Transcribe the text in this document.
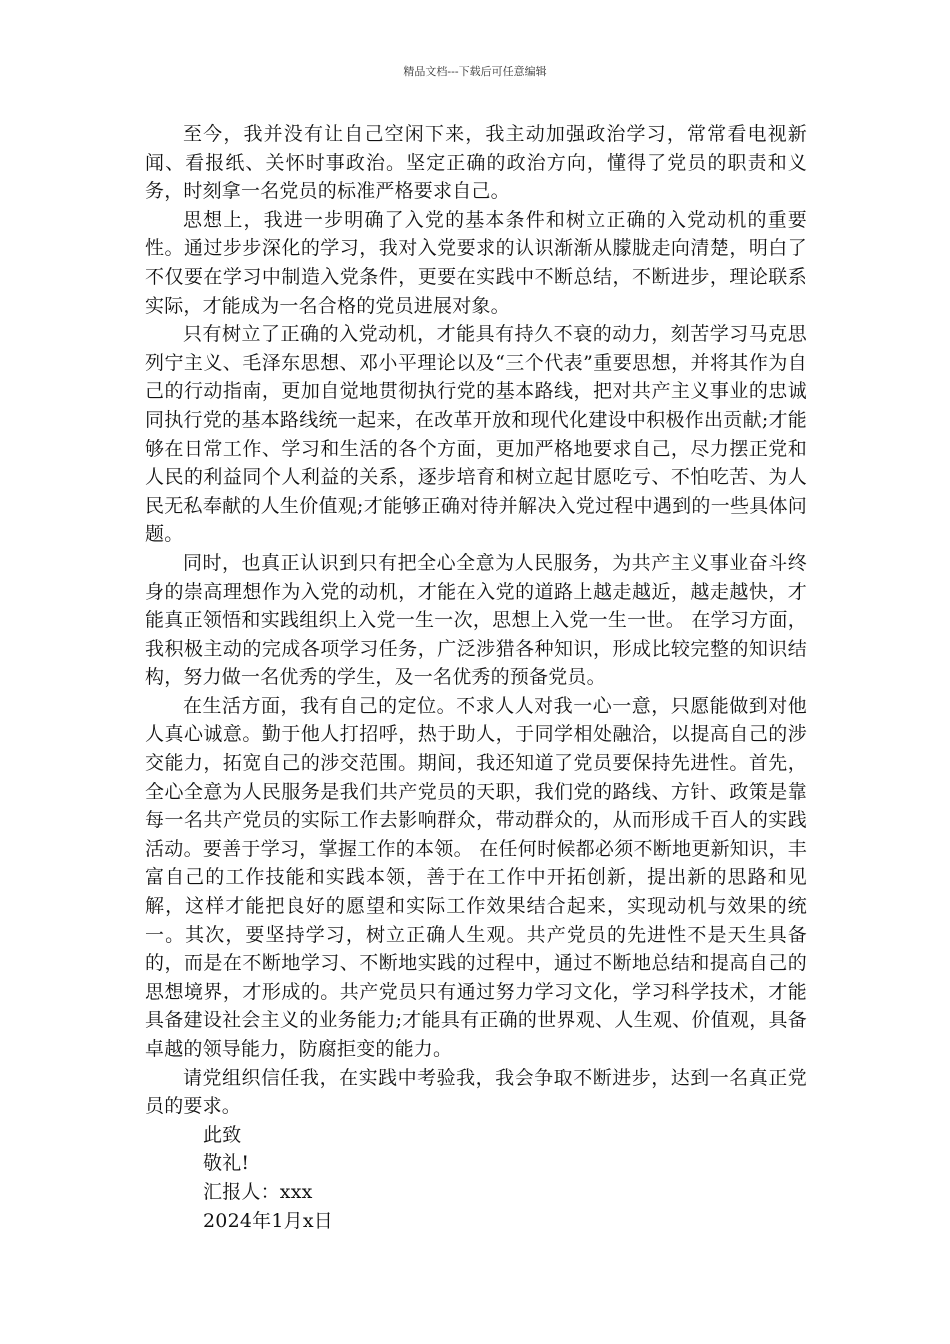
精品文档---下载后可任意编辑

至今，我并没有让自己空闲下来，我主动加强政治学习，常常看电视新闻、看报纸、关怀时事政治。坚定正确的政治方向，懂得了党员的职责和义务，时刻拿一名党员的标准严格要求自己。

思想上，我进一步明确了入党的基本条件和树立正确的入党动机的重要性。通过步步深化的学习，我对入党要求的认识渐渐从朦胧走向清楚，明白了不仅要在学习中制造入党条件，更要在实践中不断总结，不断进步，理论联系实际，才能成为一名合格的党员进展对象。

只有树立了正确的入党动机，才能具有持久不衰的动力，刻苦学习马克思列宁主义、毛泽东思想、邓小平理论以及“三个代表”重要思想，并将其作为自己的行动指南，更加自觉地贯彻执行党的基本路线，把对共产主义事业的忠诚同执行党的基本路线统一起来，在改革开放和现代化建设中积极作出贡献;才能够在日常工作、学习和生活的各个方面，更加严格地要求自己，尽力摆正党和人民的利益同个人利益的关系，逐步培育和树立起甘愿吃亏、不怕吃苦、为人民无私奉献的人生价值观;才能够正确对待并解决入党过程中遇到的一些具体问题。

同时，也真正认识到只有把全心全意为人民服务，为共产主义事业奋斗终身的崇高理想作为入党的动机，才能在入党的道路上越走越近，越走越快，才能真正领悟和实践组织上入党一生一次，思想上入党一生一世。 在学习方面，我积极主动的完成各项学习任务，广泛涉猎各种知识，形成比较完整的知识结构，努力做一名优秀的学生，及一名优秀的预备党员。

在生活方面，我有自己的定位。不求人人对我一心一意，只愿能做到对他人真心诚意。勤于他人打招呼，热于助人，于同学相处融洽，以提高自己的涉交能力，拓宽自己的涉交范围。期间，我还知道了党员要保持先进性。首先，全心全意为人民服务是我们共产党员的天职，我们党的路线、方针、政策是靠每一名共产党员的实际工作去影响群众，带动群众的，从而形成千百人的实践活动。要善于学习，掌握工作的本领。 在任何时候都必须不断地更新知识，丰富自己的工作技能和实践本领，善于在工作中开拓创新，提出新的思路和见解，这样才能把良好的愿望和实际工作效果结合起来，实现动机与效果的统一。其次，要坚持学习，树立正确人生观。共产党员的先进性不是天生具备的，而是在不断地学习、不断地实践的过程中，通过不断地总结和提高自己的思想境界，才形成的。共产党员只有通过努力学习文化，学习科学技术，才能具备建设社会主义的业务能力;才能具有正确的世界观、人生观、价值观，具备卓越的领导能力，防腐拒变的能力。

请党组织信任我，在实践中考验我，我会争取不断进步，达到一名真正党员的要求。

此致

敬礼!

汇报人：xxx

2024年1月x日
